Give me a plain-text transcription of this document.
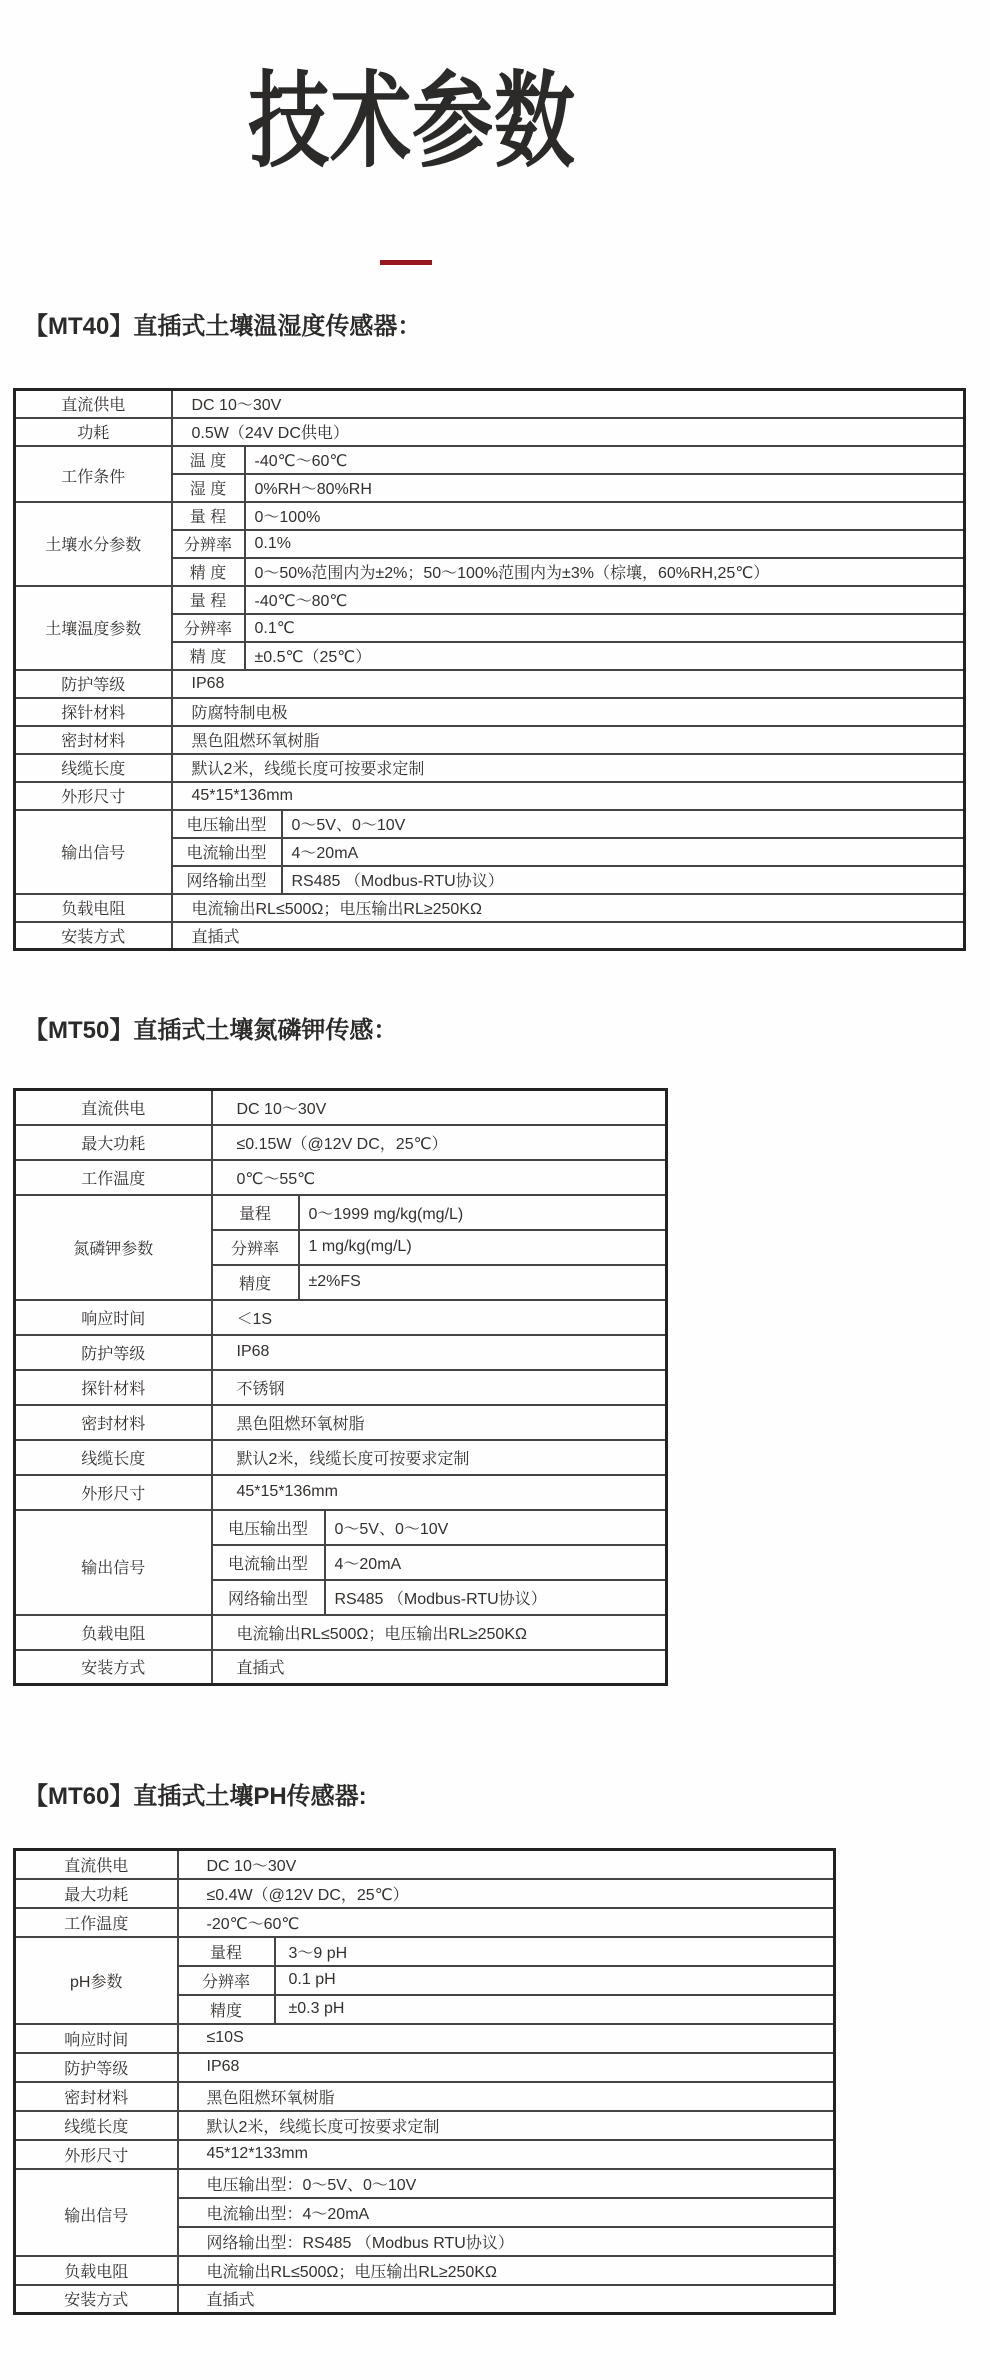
技术参数
【MT40】直插式土壤温湿度传感器：
直流供电	DC 10～30V		
功耗	0.5W（24V DC供电）		
工作条件	温 度	-40℃～60℃	
	湿 度	0%RH～80%RH	
土壤水分参数	量 程	0～100%	
	分辨率	0.1%	
	精 度	0～50%范围内为±2%；50～100%范围内为±3%（棕壤，60%RH,25℃）	
土壤温度参数	量 程	-40℃～80℃	
	分辨率	0.1℃	
	精 度	±0.5℃（25℃）	
防护等级	IP68		
探针材料	防腐特制电极		
密封材料	黑色阻燃环氧树脂		
线缆长度	默认2米，线缆长度可按要求定制		
外形尺寸	45*15*136mm		
输出信号	电压输出型		0～5V、0～10V
	电流输出型		4～20mA
	网络输出型		RS485 （Modbus-RTU协议）
负载电阻	电流输出RL≤500Ω；电压输出RL≥250KΩ		
安装方式	直插式		
【MT50】直插式土壤氮磷钾传感：
直流供电	DC 10～30V		
最大功耗	≤0.15W（@12V DC，25℃）		
工作温度	0℃～55℃		
氮磷钾参数	量程	0～1999 mg/kg(mg/L)	
	分辨率	1 mg/kg(mg/L)	
	精度	±2%FS	
响应时间	＜1S		
防护等级	IP68		
探针材料	不锈钢		
密封材料	黑色阻燃环氧树脂		
线缆长度	默认2米，线缆长度可按要求定制		
外形尺寸	45*15*136mm		
输出信号	电压输出型		0～5V、0～10V
	电流输出型		4～20mA
	网络输出型		RS485 （Modbus-RTU协议）
负载电阻	电流输出RL≤500Ω；电压输出RL≥250KΩ		
安装方式	直插式		
【MT60】直插式土壤PH传感器:
直流供电	DC 10～30V	
最大功耗	≤0.4W（@12V DC，25℃）	
工作温度	-20℃～60℃	
pH参数	量程	3～9 pH
	分辨率	0.1 pH
	精度	±0.3 pH
响应时间	≤10S	
防护等级	IP68	
密封材料	黑色阻燃环氧树脂	
线缆长度	默认2米，线缆长度可按要求定制	
外形尺寸	45*12*133mm	
输出信号	电压输出型：0～5V、0～10V	
	电流输出型：4～20mA	
	网络输出型：RS485 （Modbus RTU协议）	
负载电阻	电流输出RL≤500Ω；电压输出RL≥250KΩ	
安装方式	直插式	
